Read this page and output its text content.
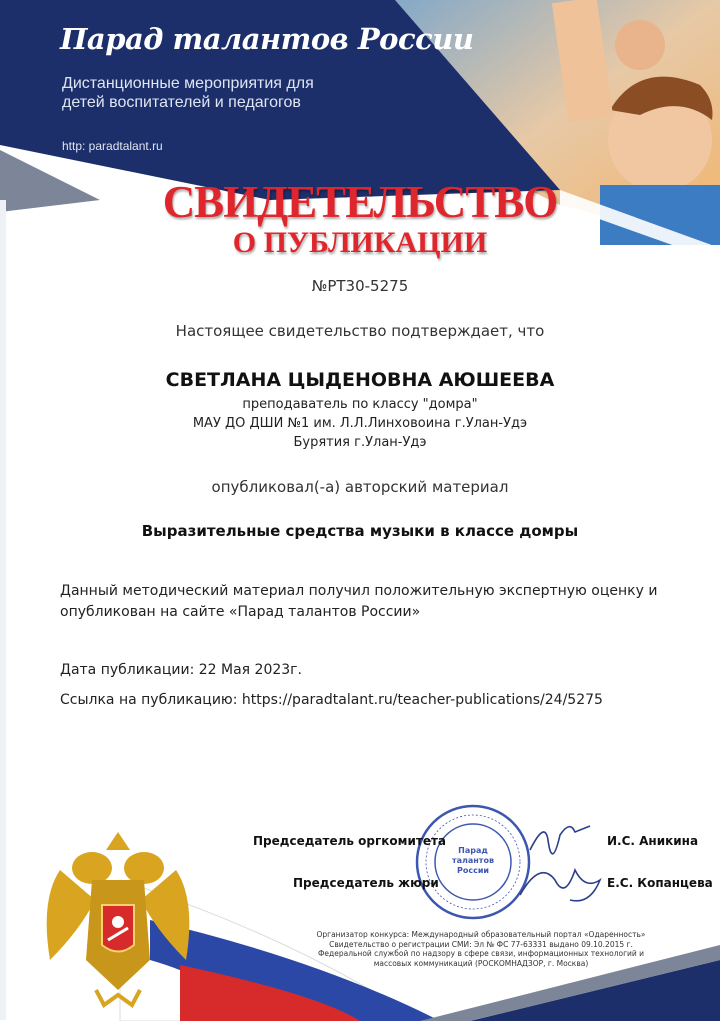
Парад талантов России
Дистанционные мероприятия для детей воспитателей и педагогов
http: paradtalant.ru
СВИДЕТЕЛЬСТВО
О ПУБЛИКАЦИИ
№РТ30-5275
Настоящее свидетельство подтверждает, что
СВЕТЛАНА ЦЫДЕНОВНА АЮШЕЕВА
преподаватель по классу "домра"
МАУ ДО ДШИ №1 им. Л.Л.Линховоина г.Улан-Удэ
Бурятия г.Улан-Удэ
опубликовал(-а) авторский материал
Выразительные средства музыки в классе домры
Данный методический материал получил положительную экспертную оценку и опубликован на сайте «Парад талантов России»
Дата публикации: 22 Мая 2023г.
Ссылка на публикацию: https://paradtalant.ru/teacher-publications/24/5275
Председатель оргкомитета
Председатель жюри
И.С. Аникина
Е.С. Копанцева
Парад талантов России
Организатор конкурса: Международный образовательный портал «Одаренность» Свидетельство о регистрации СМИ: Эл № ФС 77-63331 выдано 09.10.2015 г. Федеральной службой по надзору в сфере связи, информационных технологий и массовых коммуникаций (РОСКОМНАДЗОР, г. Москва)
